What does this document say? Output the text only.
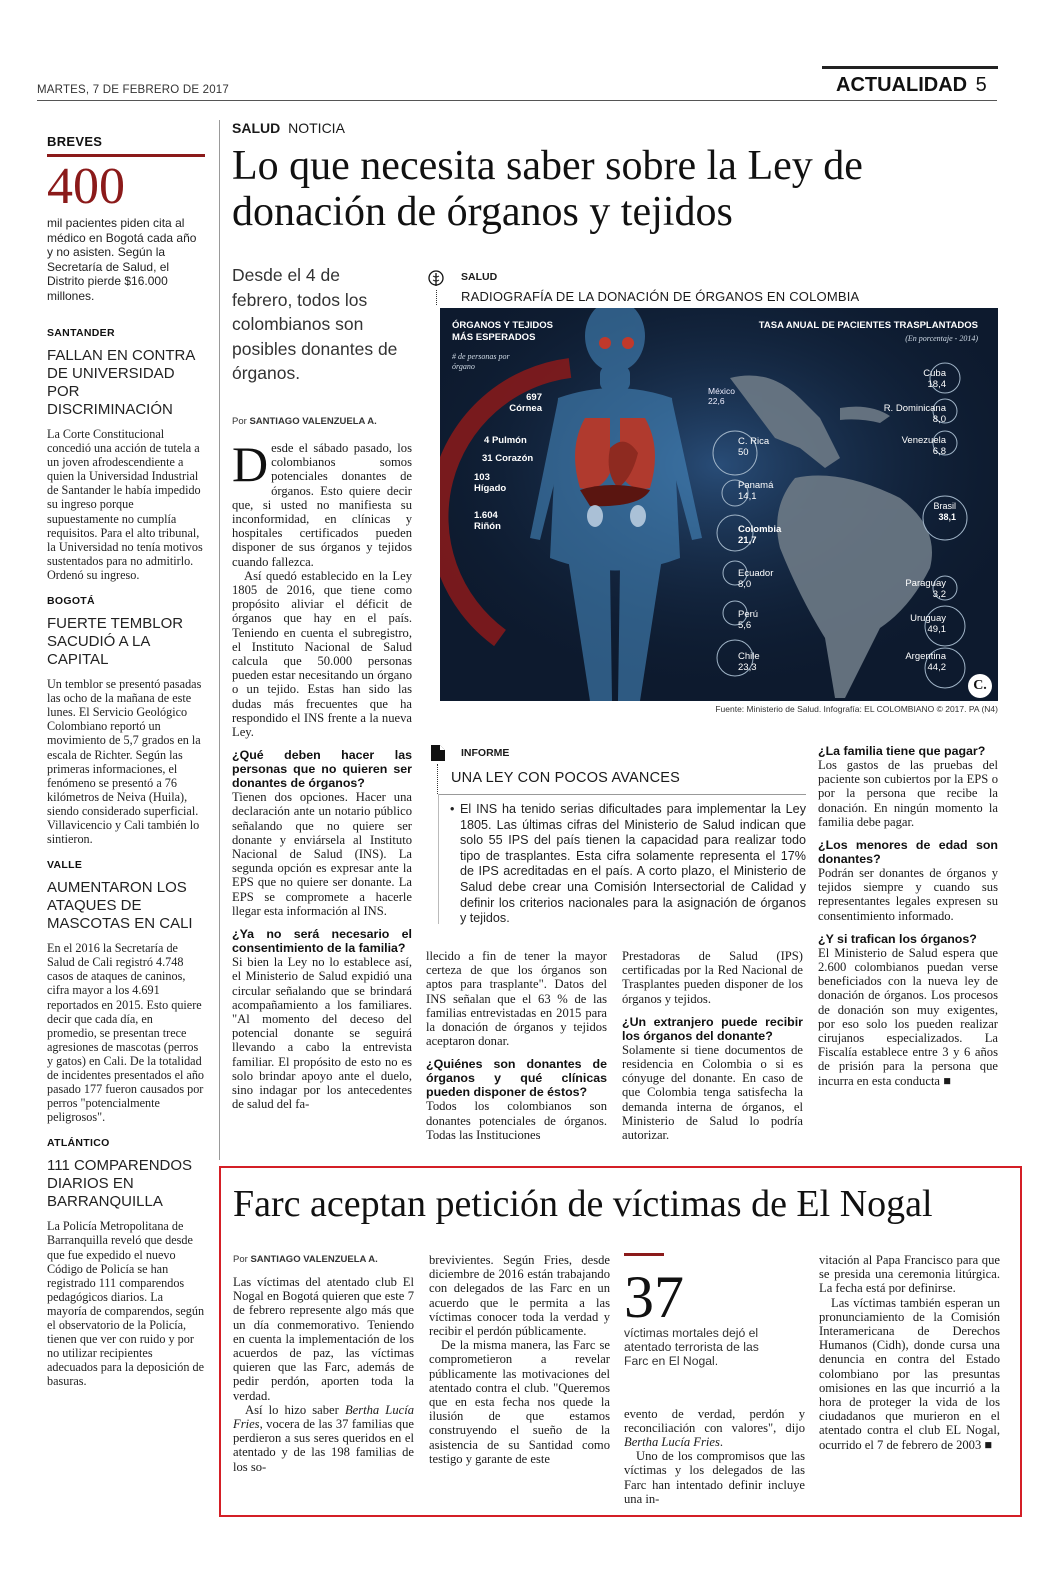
MARTES, 7 DE FEBRERO DE 2017	ACTUALIDAD 5
BREVES
400
mil pacientes piden cita al médico en Bogotá cada año y no asisten. Según la Secretaría de Salud, el Distrito pierde $16.000 millones.
SANTANDER
FALLAN EN CONTRA DE UNIVERSIDAD POR DISCRIMINACIÓN
La Corte Constitucional concedió una acción de tutela a un joven afrodescendiente a quien la Universidad Industrial de Santander le había impedido su ingreso porque supuestamente no cumplía requisitos. Para el alto tribunal, la Universidad no tenía motivos sustentados para no admitirlo. Ordenó su ingreso.
BOGOTÁ
FUERTE TEMBLOR SACUDIÓ A LA CAPITAL
Un temblor se presentó pasadas las ocho de la mañana de este lunes. El Servicio Geológico Colombiano reportó un movimiento de 5,7 grados en la escala de Richter. Según las primeras informaciones, el fenómeno se presentó a 76 kilómetros de Neiva (Huila), siendo considerado superficial. Villavicencio y Cali también lo sintieron.
VALLE
AUMENTARON LOS ATAQUES DE MASCOTAS EN CALI
En el 2016 la Secretaría de Salud de Cali registró 4.748 casos de ataques de caninos, cifra mayor a los 4.691 reportados en 2015. Esto quiere decir que cada día, en promedio, se presentan trece agresiones de mascotas (perros y gatos) en Cali. De la totalidad de incidentes presentados el año pasado 177 fueron causados por perros "potencialmente peligrosos".
ATLÁNTICO
111 COMPARENDOS DIARIOS EN BARRANQUILLA
La Policía Metropolitana de Barranquilla reveló que desde que fue expedido el nuevo Código de Policía se han registrado 111 comparendos pedagógicos diarios. La mayoría de comparendos, según el observatorio de la Policía, tienen que ver con ruido y por no utilizar recipientes adecuados para la deposición de basuras.
SALUD NOTICIA
Lo que necesita saber sobre la Ley de donación de órganos y tejidos
Desde el 4 de febrero, todos los colombianos son posibles donantes de órganos.
Por SANTIAGO VALENZUELA A.

Desde el sábado pasado, los colombianos somos potenciales donantes de órganos. Esto quiere decir que, si usted no manifiesta su inconformidad, en clínicas y hospitales certificados pueden disponer de sus órganos y tejidos cuando fallezca.

Así quedó establecido en la Ley 1805 de 2016, que tiene como propósito aliviar el déficit de órganos que hay en el país. Teniendo en cuenta el subregistro, el Instituto Nacional de Salud calcula que 50.000 personas pueden estar necesitando un órgano o un tejido. Estas han sido las dudas más frecuentes que ha respondido el INS frente a la nueva Ley.

¿Qué deben hacer las personas que no quieren ser donantes de órganos?

Tienen dos opciones. Hacer una declaración ante un notario público señalando que no quiere ser donante y enviársela al Instituto Nacional de Salud (INS). La segunda opción es expresar ante la EPS que no quiere ser donante. La EPS se compromete a hacerle llegar esta información al INS.

¿Ya no será necesario el consentimiento de la familia?

Si bien la Ley no lo establece así, el Ministerio de Salud expidió una circular señalando que se brindará acompañamiento a los familiares. "Al momento del deceso del potencial donante se seguirá llevando a cabo la entrevista familiar. El propósito de esto no es solo brindar apoyo ante el duelo, sino indagar por los antecedentes de salud del fa-

SALUD
RADIOGRAFÍA DE LA DONACIÓN DE ÓRGANOS EN COLOMBIA
ÓRGANOS Y TEJIDOS MÁS ESPERADOS
# de personas por órgano
697
Córnea
4 Pulmón
31 Corazón
103
Hígado
1.604
Riñón
TASA ANUAL DE PACIENTES TRASPLANTADOS
(En porcentaje - 2014)
México
22,6
Cuba
18,4
R. Dominicana
8,0
C. Rica
50
Venezuela
6,8
Panamá
14,1
Brasil
38,1
Colombia
21,7
Ecuador
8,0	Paraguay
3,2
Perú
5,6
Uruguay
49,1
Chile
23,3
Argentina
44,2
C.
Fuente: Ministerio de Salud. Infografía: EL COLOMBIANO © 2017. PA (N4)
INFORME
UNA LEY CON POCOS AVANCES
• El INS ha tenido serias dificultades para implementar la Ley 1805. Las últimas cifras del Ministerio de Salud indican que solo 55 IPS del país tienen la capacidad para realizar todo tipo de trasplantes. Esta cifra solamente representa el 17% de IPS acreditadas en el país. A corto plazo, el Ministerio de Salud debe crear una Comisión Intersectorial de Calidad y definir los criterios nacionales para la asignación de órganos y tejidos.

llecido a fin de tener la mayor certeza de que los órganos son aptos para trasplante". Datos del INS señalan que el 63 % de las familias entrevistadas en 2015 para la donación de órganos y tejidos aceptaron donar.

¿Quiénes son donantes de órganos y qué clínicas pueden disponer de éstos?

Todos los colombianos son donantes potenciales de órganos. Todas las Instituciones

Prestadoras de Salud (IPS) certificadas por la Red Nacional de Trasplantes pueden disponer de los órganos y tejidos.

¿Un extranjero puede recibir los órganos del donante?

Solamente si tiene documentos de residencia en Colombia o si es cónyuge del donante. En caso de que Colombia tenga satisfecha la demanda interna de órganos, el Ministerio de Salud lo podría autorizar.

¿La familia tiene que pagar?

Los gastos de las pruebas del paciente son cubiertos por la EPS o por la persona que recibe la donación. En ningún momento la familia debe pagar.

¿Los menores de edad son donantes?

Podrán ser donantes de órganos y tejidos siempre y cuando sus representantes legales expresen su consentimiento informado.

¿Y si trafican los órganos?

El Ministerio de Salud espera que 2.600 colombianos puedan verse beneficiados con la nueva ley de donación de órganos. Los procesos de donación son muy exigentes, por eso solo los pueden realizar cirujanos especializados. La Fiscalía establece entre 3 y 6 años de prisión para la persona que incurra en esta conducta ■

Farc aceptan petición de víctimas de El Nogal
Por SANTIAGO VALENZUELA A.

Las víctimas del atentado club El Nogal en Bogotá quieren que este 7 de febrero represente algo más que un día conmemorativo. Teniendo en cuenta la implementación de los acuerdos de paz, las víctimas quieren que las Farc, además de pedir perdón, aporten toda la verdad.

Así lo hizo saber Bertha Lucía Fries, vocera de las 37 familias que perdieron a sus seres queridos en el atentado y de las 198 familias de los so-

brevivientes. Según Fries, desde diciembre de 2016 están trabajando con delegados de las Farc en un acuerdo que le permita a las víctimas conocer toda la verdad y recibir el perdón públicamente.

De la misma manera, las Farc se comprometieron a revelar públicamente las motivaciones del atentado contra el club. "Queremos que en esta fecha nos quede la ilusión de que estamos construyendo el sueño de la asistencia de su Santidad como testigo y garante de este

37
víctimas mortales dejó el atentado terrorista de las Farc en El Nogal.

evento de verdad, perdón y reconciliación con valores", dijo Bertha Lucía Fries.

Uno de los compromisos que las víctimas y los delegados de las Farc han intentado definir incluye una in-

vitación al Papa Francisco para que se presida una ceremonia litúrgica. La fecha está por definirse.

Las víctimas también esperan un pronunciamiento de la Comisión Interamericana de Derechos Humanos (Cidh), donde cursa una denuncia en contra del Estado colombiano por las presuntas omisiones en las que incurrió a la hora de proteger la vida de los ciudadanos que murieron en el atentado contra el club EL Nogal, ocurrido el 7 de febrero de 2003 ■
